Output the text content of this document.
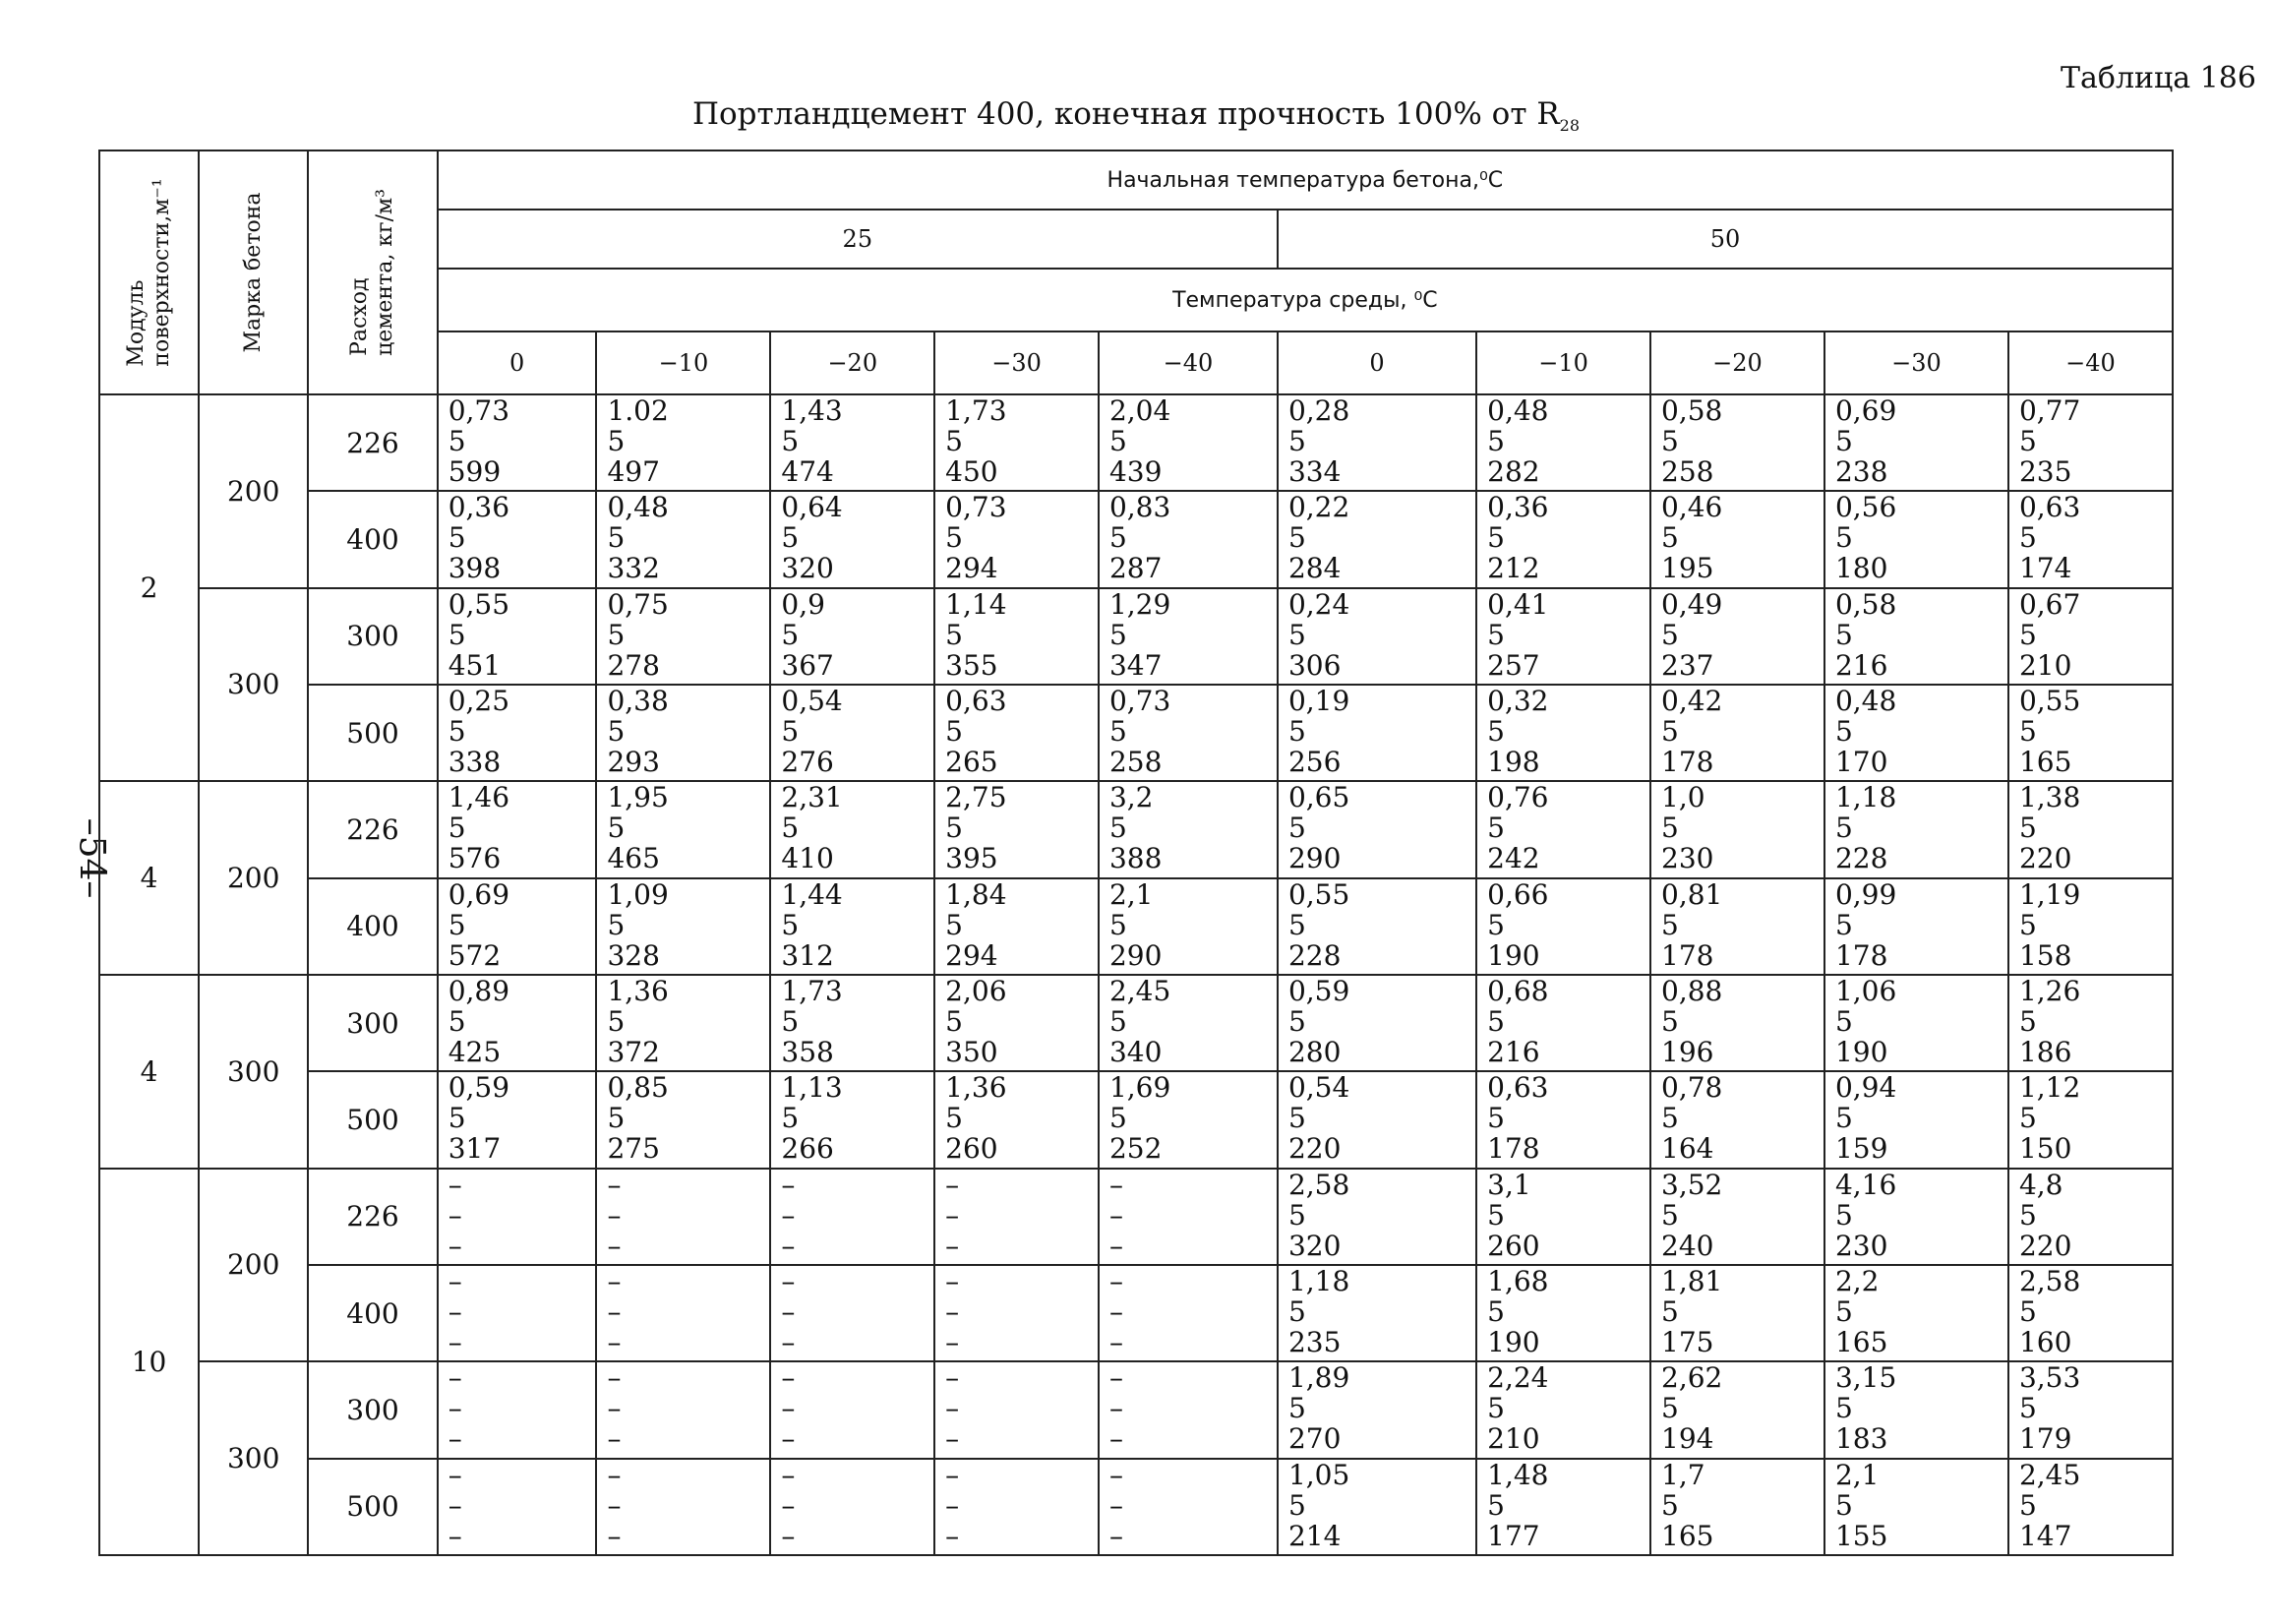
Таблица 186
Портландцемент 400, конечная прочность 100% от $R_{28}$
–54–
Модуль
поверхности,м⁻¹	Марка бетона	Расход
цемента, кг/м³	Начальная температура бетона,⁰С									
			25					50				
			Температура среды, ⁰С									
			0	−10	−20	−30	−40	0	−10	−20	−30	−40
2	200	226	0,73
5
599	1.02
5
497	1,43
5
474	1,73
5
450	2,04
5
439	0,28
5
334	0,48
5
282	0,58
5
258	0,69
5
238	0,77
5
235

		400	0,36
5
398	0,48
5
332	0,64
5
320	0,73
5
294	0,83
5
287	0,22
5
284	0,36
5
212	0,46
5
195	0,56
5
180	0,63
5
174

	300	300	0,55
5
451	0,75
5
278	0,9
5
367	1,14
5
355	1,29
5
347	0,24
5
306	0,41
5
257	0,49
5
237	0,58
5
216	0,67
5
210

		500	0,25
5
338	0,38
5
293	0,54
5
276	0,63
5
265	0,73
5
258	0,19
5
256	0,32
5
198	0,42
5
178	0,48
5
170	0,55
5
165

4	200	226	1,46
5
576	1,95
5
465	2,31
5
410	2,75
5
395	3,2
5
388	0,65
5
290	0,76
5
242	1,0
5
230	1,18
5
228	1,38
5
220

		400	0,69
5
572	1,09
5
328	1,44
5
312	1,84
5
294	2,1
5
290	0,55
5
228	0,66
5
190	0,81
5
178	0,99
5
178	1,19
5
158

4	300	300	0,89
5
425	1,36
5
372	1,73
5
358	2,06
5
350	2,45
5
340	0,59
5
280	0,68
5
216	0,88
5
196	1,06
5
190	1,26
5
186

		500	0,59
5
317	0,85
5
275	1,13
5
266	1,36
5
260	1,69
5
252	0,54
5
220	0,63
5
178	0,78
5
164	0,94
5
159	1,12
5
150

10	200	226	–
–
–	–
–
–	–
–
–	–
–
–	–
–
–	2,58
5
320	3,1
5
260	3,52
5
240	4,16
5
230	4,8
5
220

		400	–
–
–	–
–
–	–
–
–	–
–
–	–
–
–	1,18
5
235	1,68
5
190	1,81
5
175	2,2
5
165	2,58
5
160

	300	300	–
–
–	–
–
–	–
–
–	–
–
–	–
–
–	1,89
5
270	2,24
5
210	2,62
5
194	3,15
5
183	3,53
5
179

		500	–
–
–	–
–
–	–
–
–	–
–
–	–
–
–	1,05
5
214	1,48
5
177	1,7
5
165	2,1
5
155	2,45
5
147
